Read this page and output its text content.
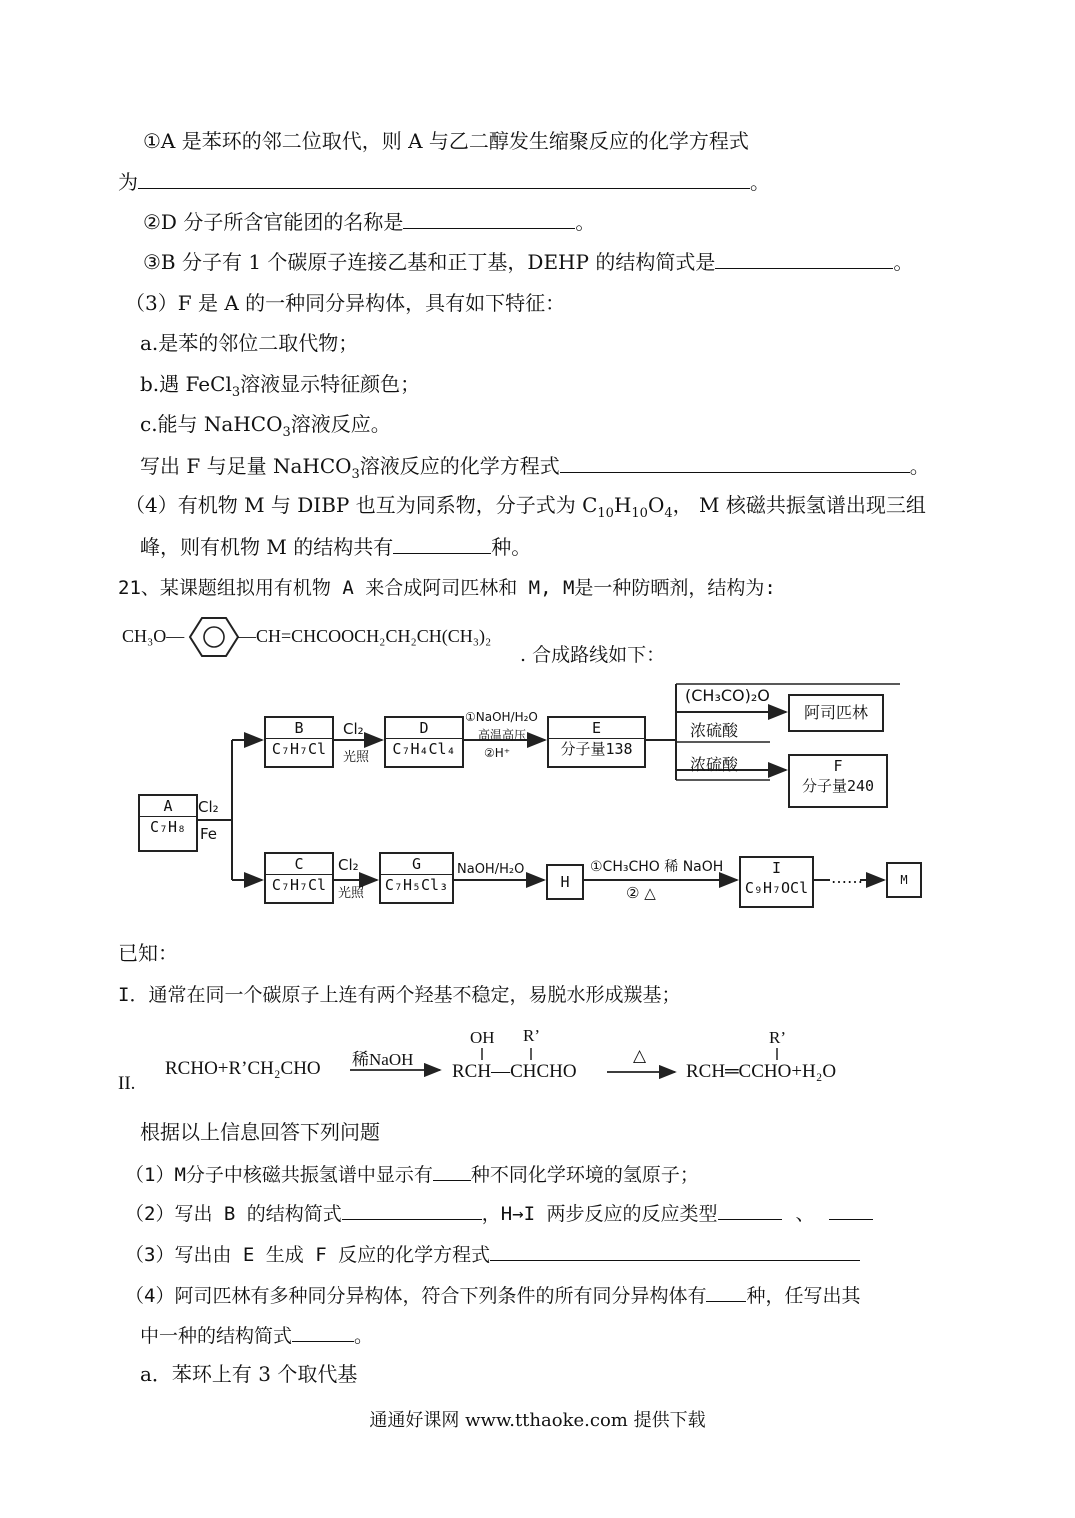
①A 是苯环的邻二位取代，则 A 与乙二醇发生缩聚反应的化学方程式
为	。
②D 分子所含官能团的名称是	。
③B 分子有 1 个碳原子连接乙基和正丁基，DEHP 的结构简式是	。
（3）F 是 A 的一种同分异构体，具有如下特征：
a.是苯的邻位二取代物；
b.遇 FeCl$_3$溶液显示特征颜色；
c.能与 NaHCO$_3$溶液反应。
写出 F 与足量 NaHCO$_3$溶液反应的化学方程式	。
（4）有机物 M 与 DIBP 也互为同系物，分子式为 $C_{10}H_{10}O_4$， M 核磁共振氢谱出现三组
峰，则有机物 M 的结构共有	种。
21、某课题组拟用有机物 A 来合成阿司匹林和 M, M是一种防晒剂，结构为:
CH₃O—	—CH=CHCOOCH₂CH₂CH(CH₃)₂
. 合成路线如下：
A
C₇H₈
Cl₂
Fe
B
C₇H₇Cl
Cl₂
光照
D
C₇H₄Cl₄
①NaOH/H₂O
高温高压
②H⁺
E
分子量138
(CH₃CO)₂O
浓硫酸
浓硫酸
阿司匹林
F
分子量240
C
C₇H₇Cl
Cl₂
光照
G
C₇H₅Cl₃
NaOH/H₂O
H
①CH₃CHO 稀 NaOH
② △
I
C₉H₇OCl
……	M
已知：
I．通常在同一个碳原子上连有两个羟基不稳定，易脱水形成羰基；
II.
RCHO+R’CH₂CHO 稀NaOH
OH R’
RCH—CHCHO
△
R’
RCH═CCHO+H₂O
根据以上信息回答下列问题
（1）M分子中核磁共振氢谱中显示有 种不同化学环境的氢原子；
（2）写出 B 的结构简式	，H→I 两步反应的反应类型	、
（3）写出由 E 生成 F 反应的化学方程式
（4）阿司匹林有多种同分异构体，符合下列条件的所有同分异构体有 种，任写出其
中一种的结构简式	。
a．苯环上有 3 个取代基
通通好课网 www.tthaoke.com 提供下载
